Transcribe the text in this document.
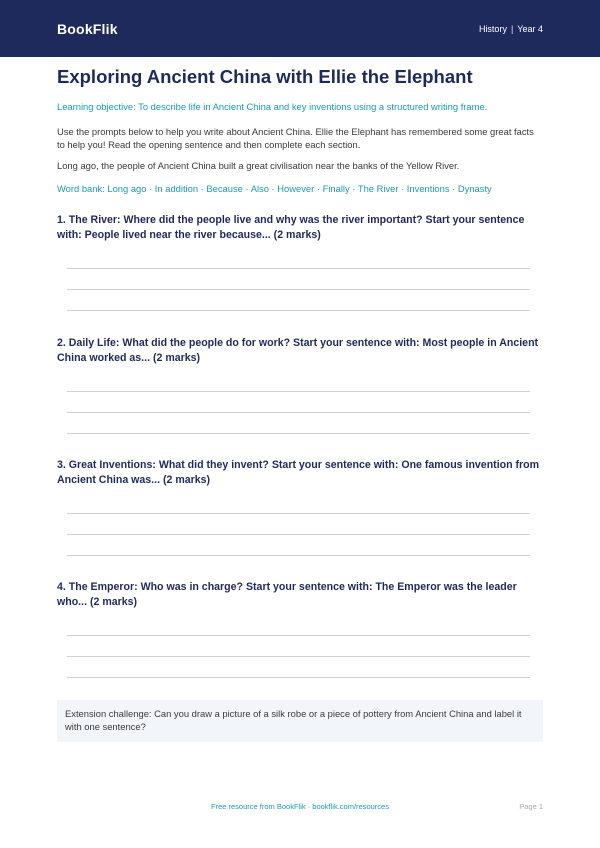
BookFlik	History | Year 4
Exploring Ancient China with Ellie the Elephant

Learning objective: To describe life in Ancient China and key inventions using a structured writing frame.

Use the prompts below to help you write about Ancient China. Ellie the Elephant has remembered some great facts to help you! Read the opening sentence and then complete each section.

Long ago, the people of Ancient China built a great civilisation near the banks of the Yellow River.

Word bank: Long ago · In addition · Because · Also · However · Finally · The River · Inventions · Dynasty

1. The River: Where did the people live and why was the river important? Start your sentence with: People lived near the river because... (2 marks)

2. Daily Life: What did the people do for work? Start your sentence with: Most people in Ancient China worked as... (2 marks)

3. Great Inventions: What did they invent? Start your sentence with: One famous invention from Ancient China was... (2 marks)

4. The Emperor: Who was in charge? Start your sentence with: The Emperor was the leader who... (2 marks)

Extension challenge: Can you draw a picture of a silk robe or a piece of pottery from Ancient China and label it with one sentence?
Free resource from BookFlik · bookflik.com/resources	Page 1
